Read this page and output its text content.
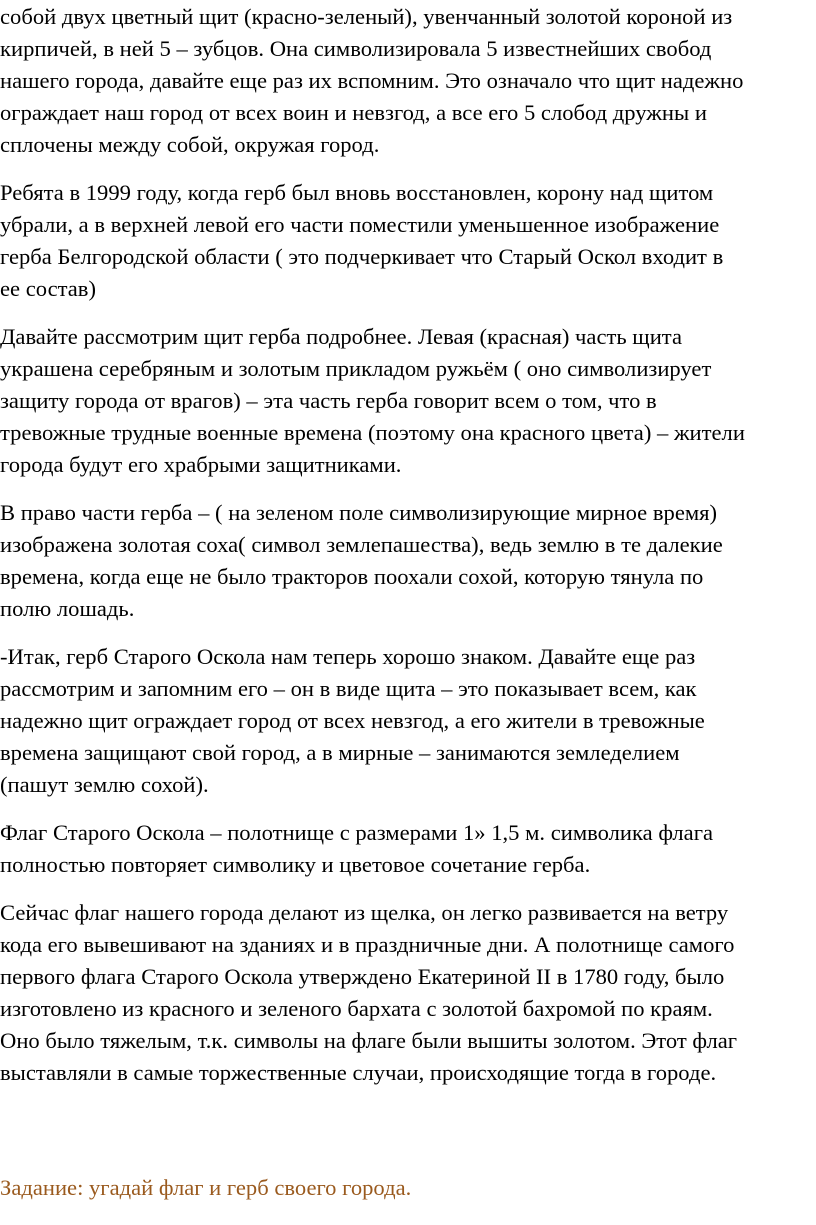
собой двух цветный щит (красно-зеленый), увенчанный золотой короной из
кирпичей, в ней 5 – зубцов. Она символизировала 5 известнейших свобод
нашего города, давайте еще раз их вспомним. Это означало что щит надежно
ограждает наш город от всех воин и невзгод, а все его 5 слобод дружны и
сплочены между собой, окружая город.

Ребята в 1999 году, когда герб был вновь восстановлен, корону над щитом
убрали, а в верхней левой его части поместили уменьшенное изображение
герба Белгородской области ( это подчеркивает что Старый Оскол входит в
ее состав)

Давайте рассмотрим щит герба подробнее. Левая (красная) часть щита
украшена серебряным и золотым прикладом ружьём ( оно символизирует
защиту города от врагов) – эта часть герба говорит всем о том, что в
тревожные трудные военные времена (поэтому она красного цвета) – жители
города будут его храбрыми защитниками.

В право части герба – ( на зеленом поле символизирующие мирное время)
изображена золотая соха( символ землепашества), ведь землю в те далекие
времена, когда еще не было тракторов поохали сохой, которую тянула по
полю лошадь.

-Итак, герб Старого Оскола нам теперь хорошо знаком. Давайте еще раз
рассмотрим и запомним его – он в виде щита – это показывает всем, как
надежно щит ограждает город от всех невзгод, а его жители в тревожные
времена защищают свой город, а в мирные – занимаются земледелием
(пашут землю сохой).

Флаг Старого Оскола – полотнище с размерами 1» 1,5 м. символика флага
полностью повторяет символику и цветовое сочетание герба.

Сейчас флаг нашего города делают из щелка, он легко развивается на ветру
кода его вывешивают на зданиях и в праздничные дни. А полотнище самого
первого флага Старого Оскола утверждено Екатериной II в 1780 году, было
изготовлено из красного и зеленого бархата с золотой бахромой по краям.
Оно было тяжелым, т.к. символы на флаге были вышиты золотом. Этот флаг
выставляли в самые торжественные случаи, происходящие тогда в городе.

Задание: угадай флаг и герб своего города.
